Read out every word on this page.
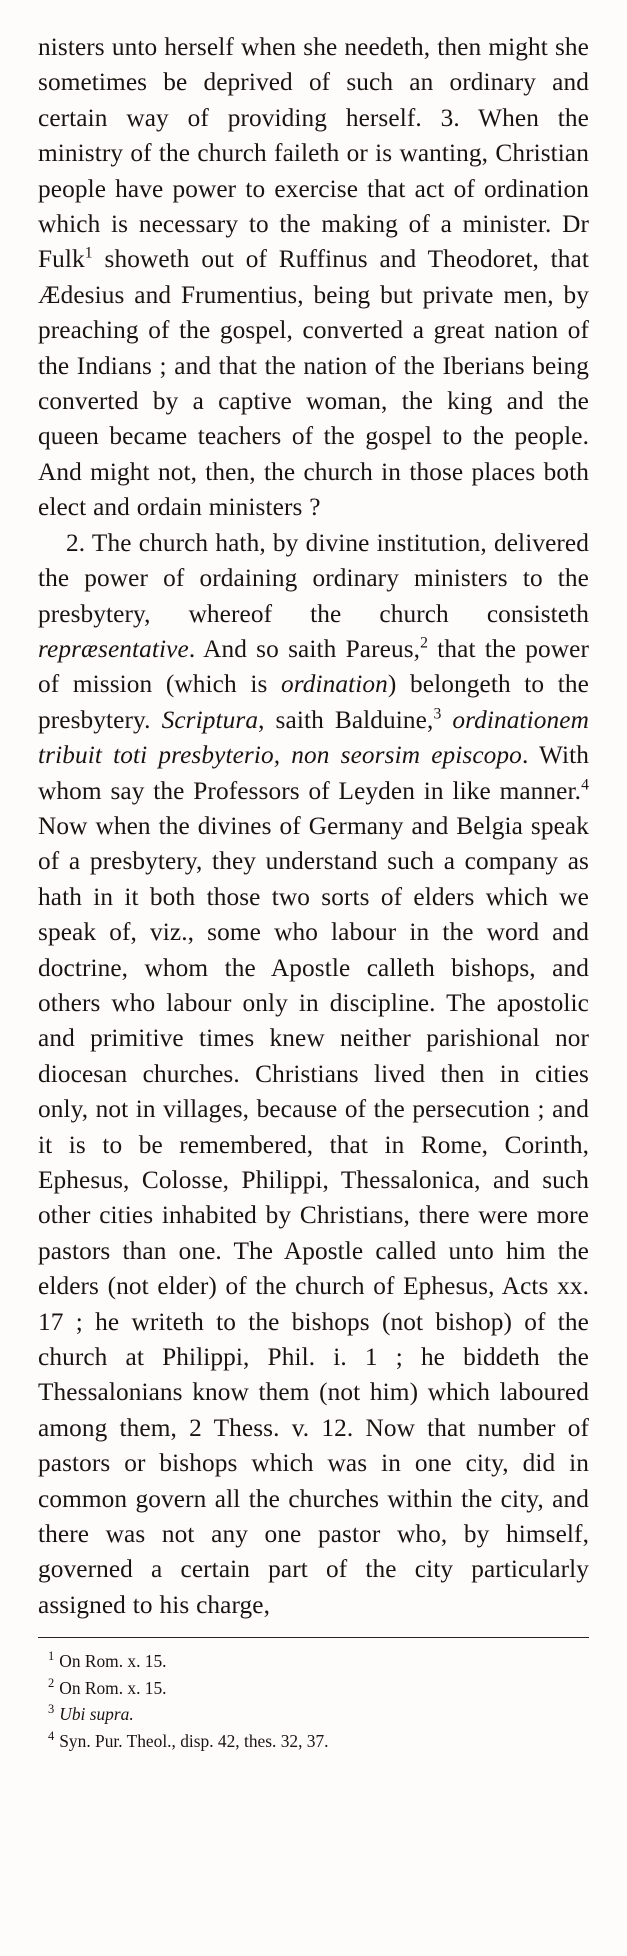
nisters unto herself when she needeth, then might she sometimes be deprived of such an ordinary and certain way of providing herself. 3. When the ministry of the church faileth or is wanting, Christian people have power to exercise that act of ordination which is necessary to the making of a minister. Dr Fulk$^1$ showeth out of Ruffinus and Theodoret, that Ædesius and Frumentius, being but private men, by preaching of the gospel, converted a great nation of the Indians ; and that the nation of the Iberians being converted by a captive woman, the king and the queen became teachers of the gospel to the people. And might not, then, the church in those places both elect and ordain ministers ?

2. The church hath, by divine institution, delivered the power of ordaining ordinary ministers to the presbytery, whereof the church consisteth repræsentative. And so saith Pareus,$^2$ that the power of mission (which is ordination) belongeth to the presbytery. Scriptura, saith Balduine,$^3$ ordinationem tribuit toti presbyterio, non seorsim episcopo. With whom say the Professors of Leyden in like manner.$^4$ Now when the divines of Germany and Belgia speak of a presbytery, they understand such a company as hath in it both those two sorts of elders which we speak of, viz., some who labour in the word and doctrine, whom the Apostle calleth bishops, and others who labour only in discipline. The apostolic and primitive times knew neither parishional nor diocesan churches. Christians lived then in cities only, not in villages, because of the persecution ; and it is to be remembered, that in Rome, Corinth, Ephesus, Colosse, Philippi, Thessalonica, and such other cities inhabited by Christians, there were more pastors than one. The Apostle called unto him the elders (not elder) of the church of Ephesus, Acts xx. 17 ; he writeth to the bishops (not bishop) of the church at Philippi, Phil. i. 1 ; he biddeth the Thessalonians know them (not him) which laboured among them, 2 Thess. v. 12. Now that number of pastors or bishops which was in one city, did in common govern all the churches within the city, and there was not any one pastor who, by himself, governed a certain part of the city particularly assigned to his charge,

$^1$ On Rom. x. 15.

$^2$ On Rom. x. 15.

$^3$ Ubi supra.

$^4$ Syn. Pur. Theol., disp. 42, thes. 32, 37.
